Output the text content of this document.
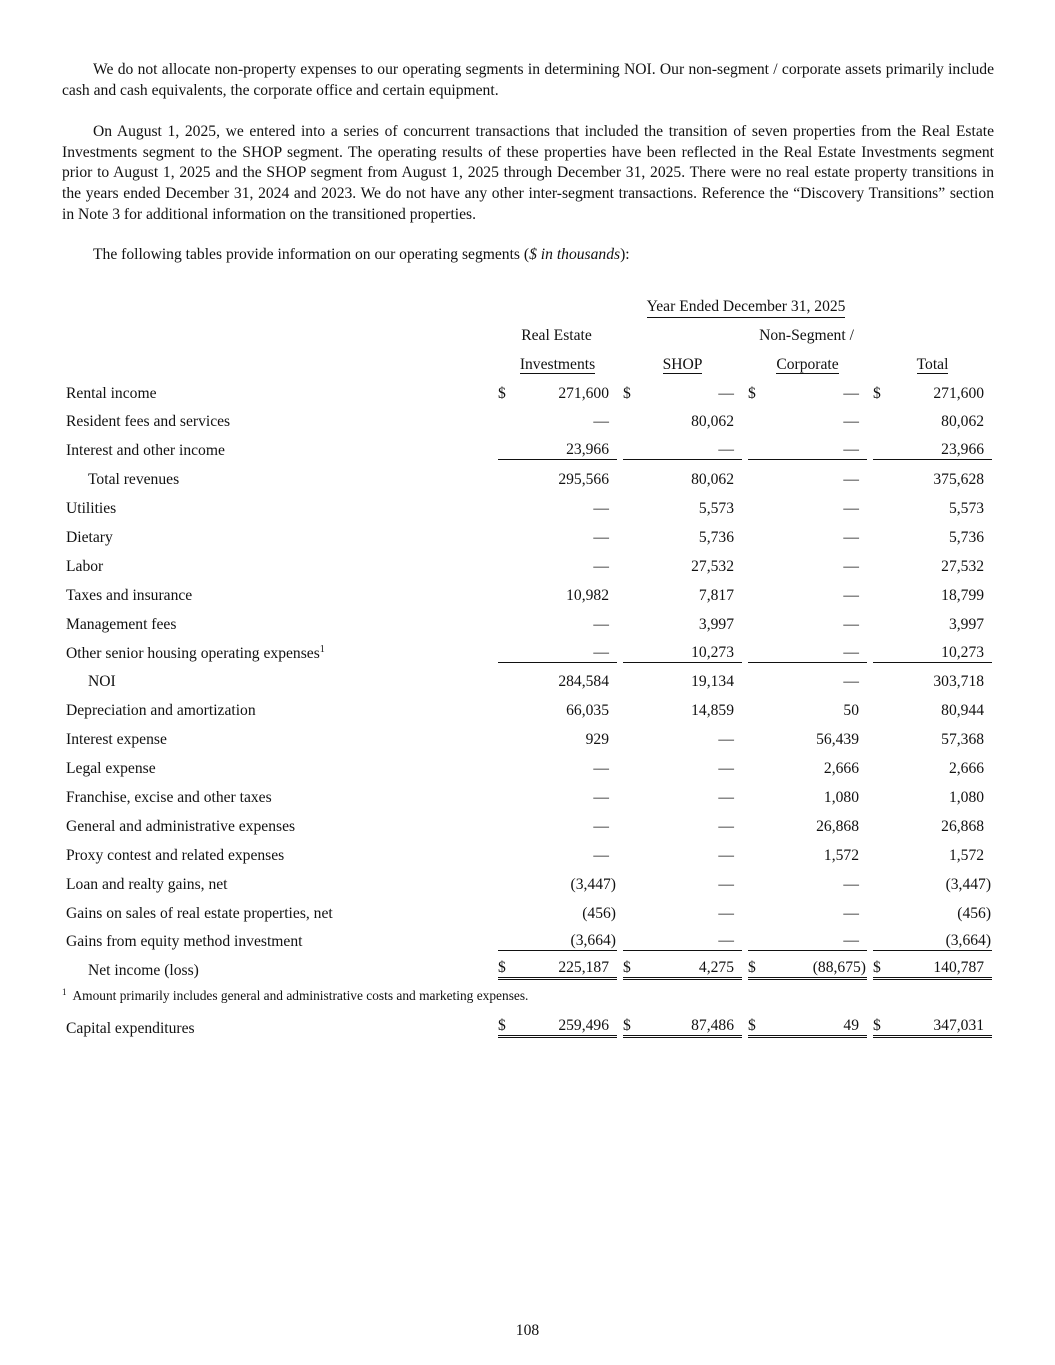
We do not allocate non-property expenses to our operating segments in determining NOI. Our non-segment / corporate assets primarily include cash and cash equivalents, the corporate office and certain equipment.

On August 1, 2025, we entered into a series of concurrent transactions that included the transition of seven properties from the Real Estate Investments segment to the SHOP segment. The operating results of these properties have been reflected in the Real Estate Investments segment prior to August 1, 2025 and the SHOP segment from August 1, 2025 through December 31, 2025. There were no real estate property transitions in the years ended December 31, 2024 and 2023. We do not have any other inter-segment transactions. Reference the “Discovery Transitions” section in Note 3 for additional information on the transitioned properties.

The following tables provide information on our operating segments ($ in thousands):

	Year Ended December 31, 2025			
	Real Estate		Non-Segment /	
	Investments	SHOP	Corporate	Total
Rental income	$ 271,600	$ —	$ —	$ 271,600

Resident fees and services	—	80,062	—	80,062

Interest and other income	23,966	—	—	23,966

Total revenues	295,566	80,062	—	375,628

Utilities	—	5,573	—	5,573

Dietary	—	5,736	—	5,736

Labor	—	27,532	—	27,532

Taxes and insurance	10,982	7,817	—	18,799

Management fees	—	3,997	—	3,997

Other senior housing operating expenses$^1$	—	10,273	—	10,273

NOI	284,584	19,134	—	303,718

Depreciation and amortization	66,035	14,859	50	80,944

Interest expense	929	—	56,439	57,368

Legal expense	—	—	2,666	2,666

Franchise, excise and other taxes	—	—	1,080	1,080

General and administrative expenses	—	—	26,868	26,868

Proxy contest and related expenses	—	—	1,572	1,572

Loan and realty gains, net	(3,447)	—	—	(3,447)

Gains on sales of real estate properties, net	(456)	—	—	(456)

Gains from equity method investment	(3,664)	—	—	(3,664)

Net income (loss)	$ 225,187	$ 4,275	$ (88,675)	$ 140,787

Capital expenditures	$ 259,496	$ 87,486	$ 49	$ 347,031

$^1$ Amount primarily includes general and administrative costs and marketing expenses.

108
